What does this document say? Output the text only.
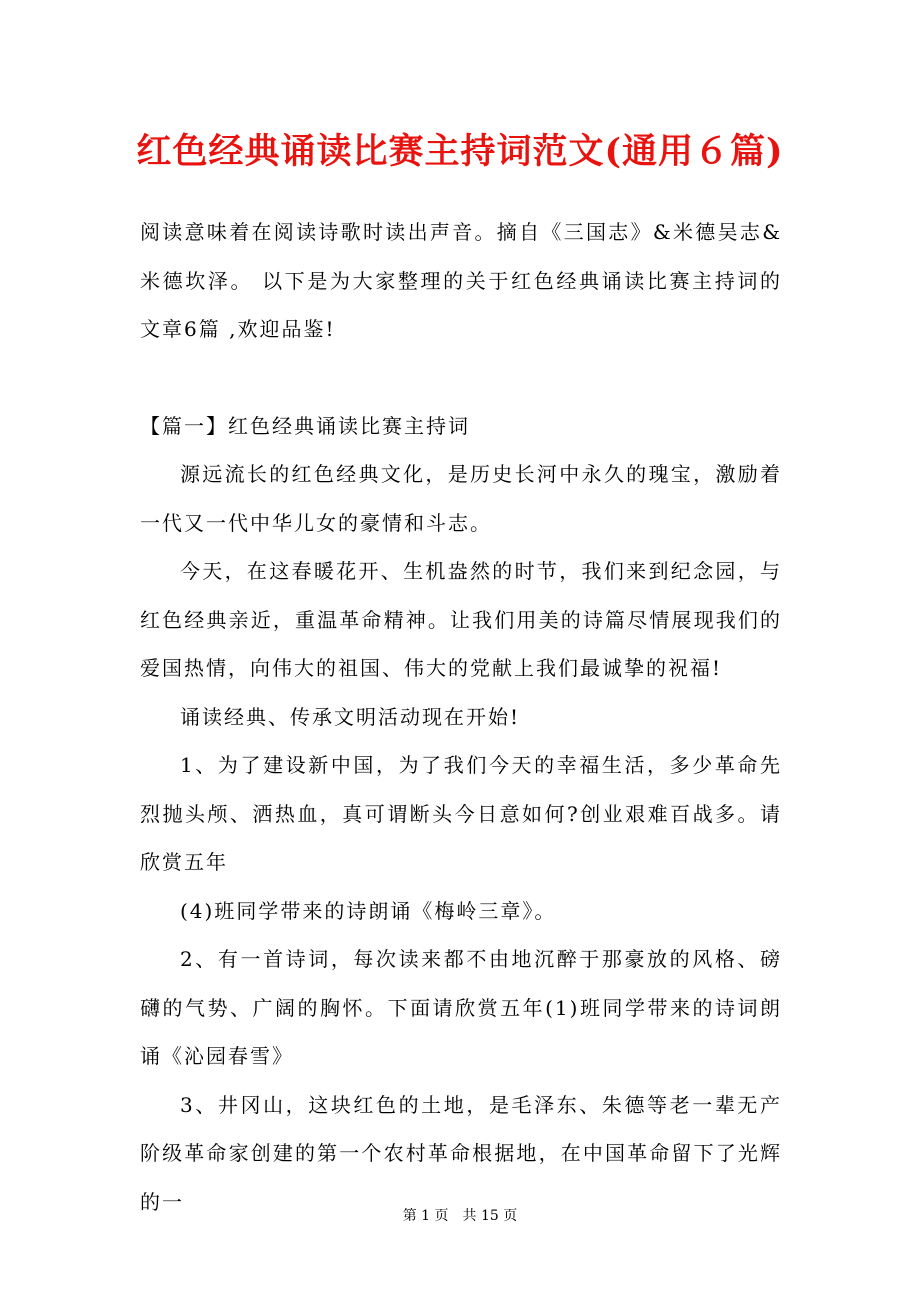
红色经典诵读比赛主持词范文(通用６篇)

阅读意味着在阅读诗歌时读出声音。摘自《三国志》&米德吴志&米德坎泽。 以下是为大家整理的关于红色经典诵读比赛主持词的文章6篇 ,欢迎品鉴!

【篇一】红色经典诵读比赛主持词

源远流长的红色经典文化，是历史长河中永久的瑰宝，激励着一代又一代中华儿女的豪情和斗志。

今天，在这春暖花开、生机盎然的时节，我们来到纪念园，与红色经典亲近，重温革命精神。让我们用美的诗篇尽情展现我们的爱国热情，向伟大的祖国、伟大的党献上我们最诚挚的祝福!

诵读经典、传承文明活动现在开始!

1、为了建设新中国，为了我们今天的幸福生活，多少革命先烈抛头颅、洒热血，真可谓断头今日意如何?创业艰难百战多。请欣赏五年

(4)班同学带来的诗朗诵《梅岭三章》。

2、有一首诗词，每次读来都不由地沉醉于那豪放的风格、磅礴的气势、广阔的胸怀。下面请欣赏五年(1)班同学带来的诗词朗诵《沁园春雪》

3、井冈山，这块红色的土地，是毛泽东、朱德等老一辈无产阶级革命家创建的第一个农村革命根据地，在中国革命留下了光辉的一

第 1 页　共 15 页
